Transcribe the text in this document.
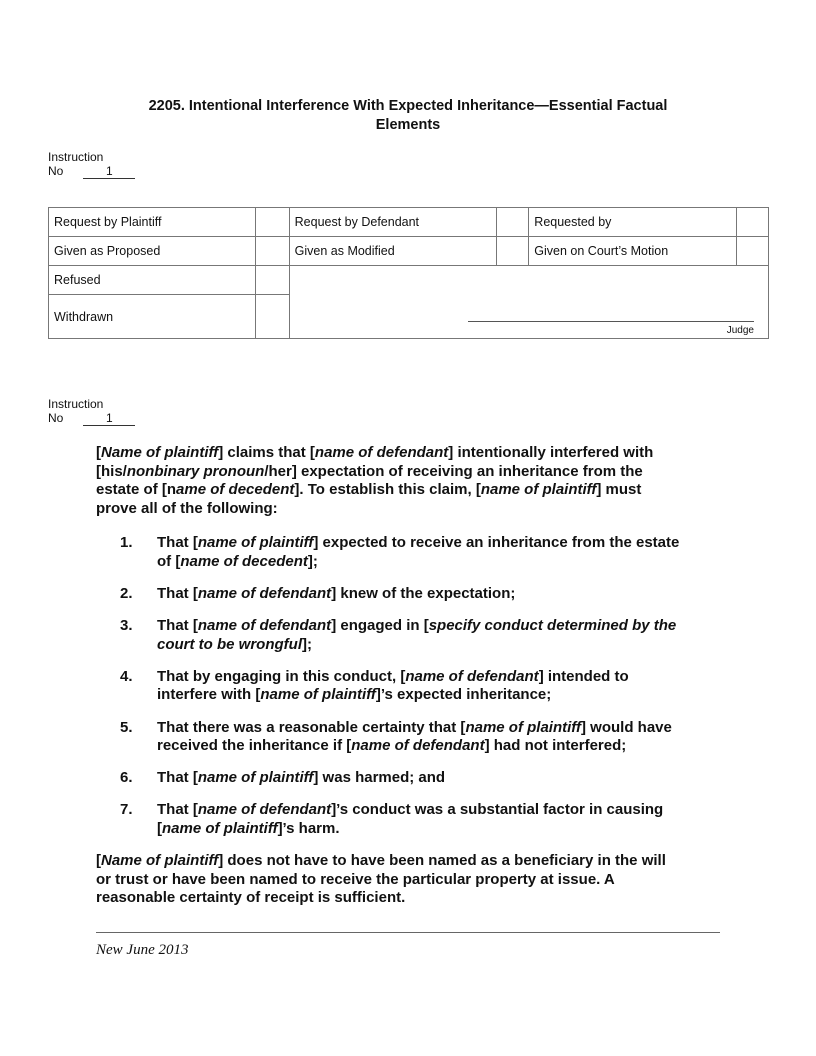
2205. Intentional Interference With Expected Inheritance—Essential Factual
Elements
Instruction
No	1
Request by Plaintiff		Request by Defendant		Requested by	
Given as Proposed		Given as Modified		Given on Court’s Motion	
Refused		Judge			

Withdrawn					
Instruction
No	1
[Name of plaintiff] claims that [name of defendant] intentionally interfered with
[his/nonbinary pronoun/her] expectation of receiving an inheritance from the
estate of [name of decedent]. To establish this claim, [name of plaintiff] must
prove all of the following:
1. That [name of plaintiff] expected to receive an inheritance from the estate
of [name of decedent];
2. That [name of defendant] knew of the expectation;
3. That [name of defendant] engaged in [specify conduct determined by the
court to be wrongful];
4. That by engaging in this conduct, [name of defendant] intended to
interfere with [name of plaintiff]’s expected inheritance;
5. That there was a reasonable certainty that [name of plaintiff] would have
received the inheritance if [name of defendant] had not interfered;
6. That [name of plaintiff] was harmed; and
7. That [name of defendant]’s conduct was a substantial factor in causing
[name of plaintiff]’s harm.
[Name of plaintiff] does not have to have been named as a beneficiary in the will
or trust or have been named to receive the particular property at issue. A
reasonable certainty of receipt is sufficient.
New June 2013
